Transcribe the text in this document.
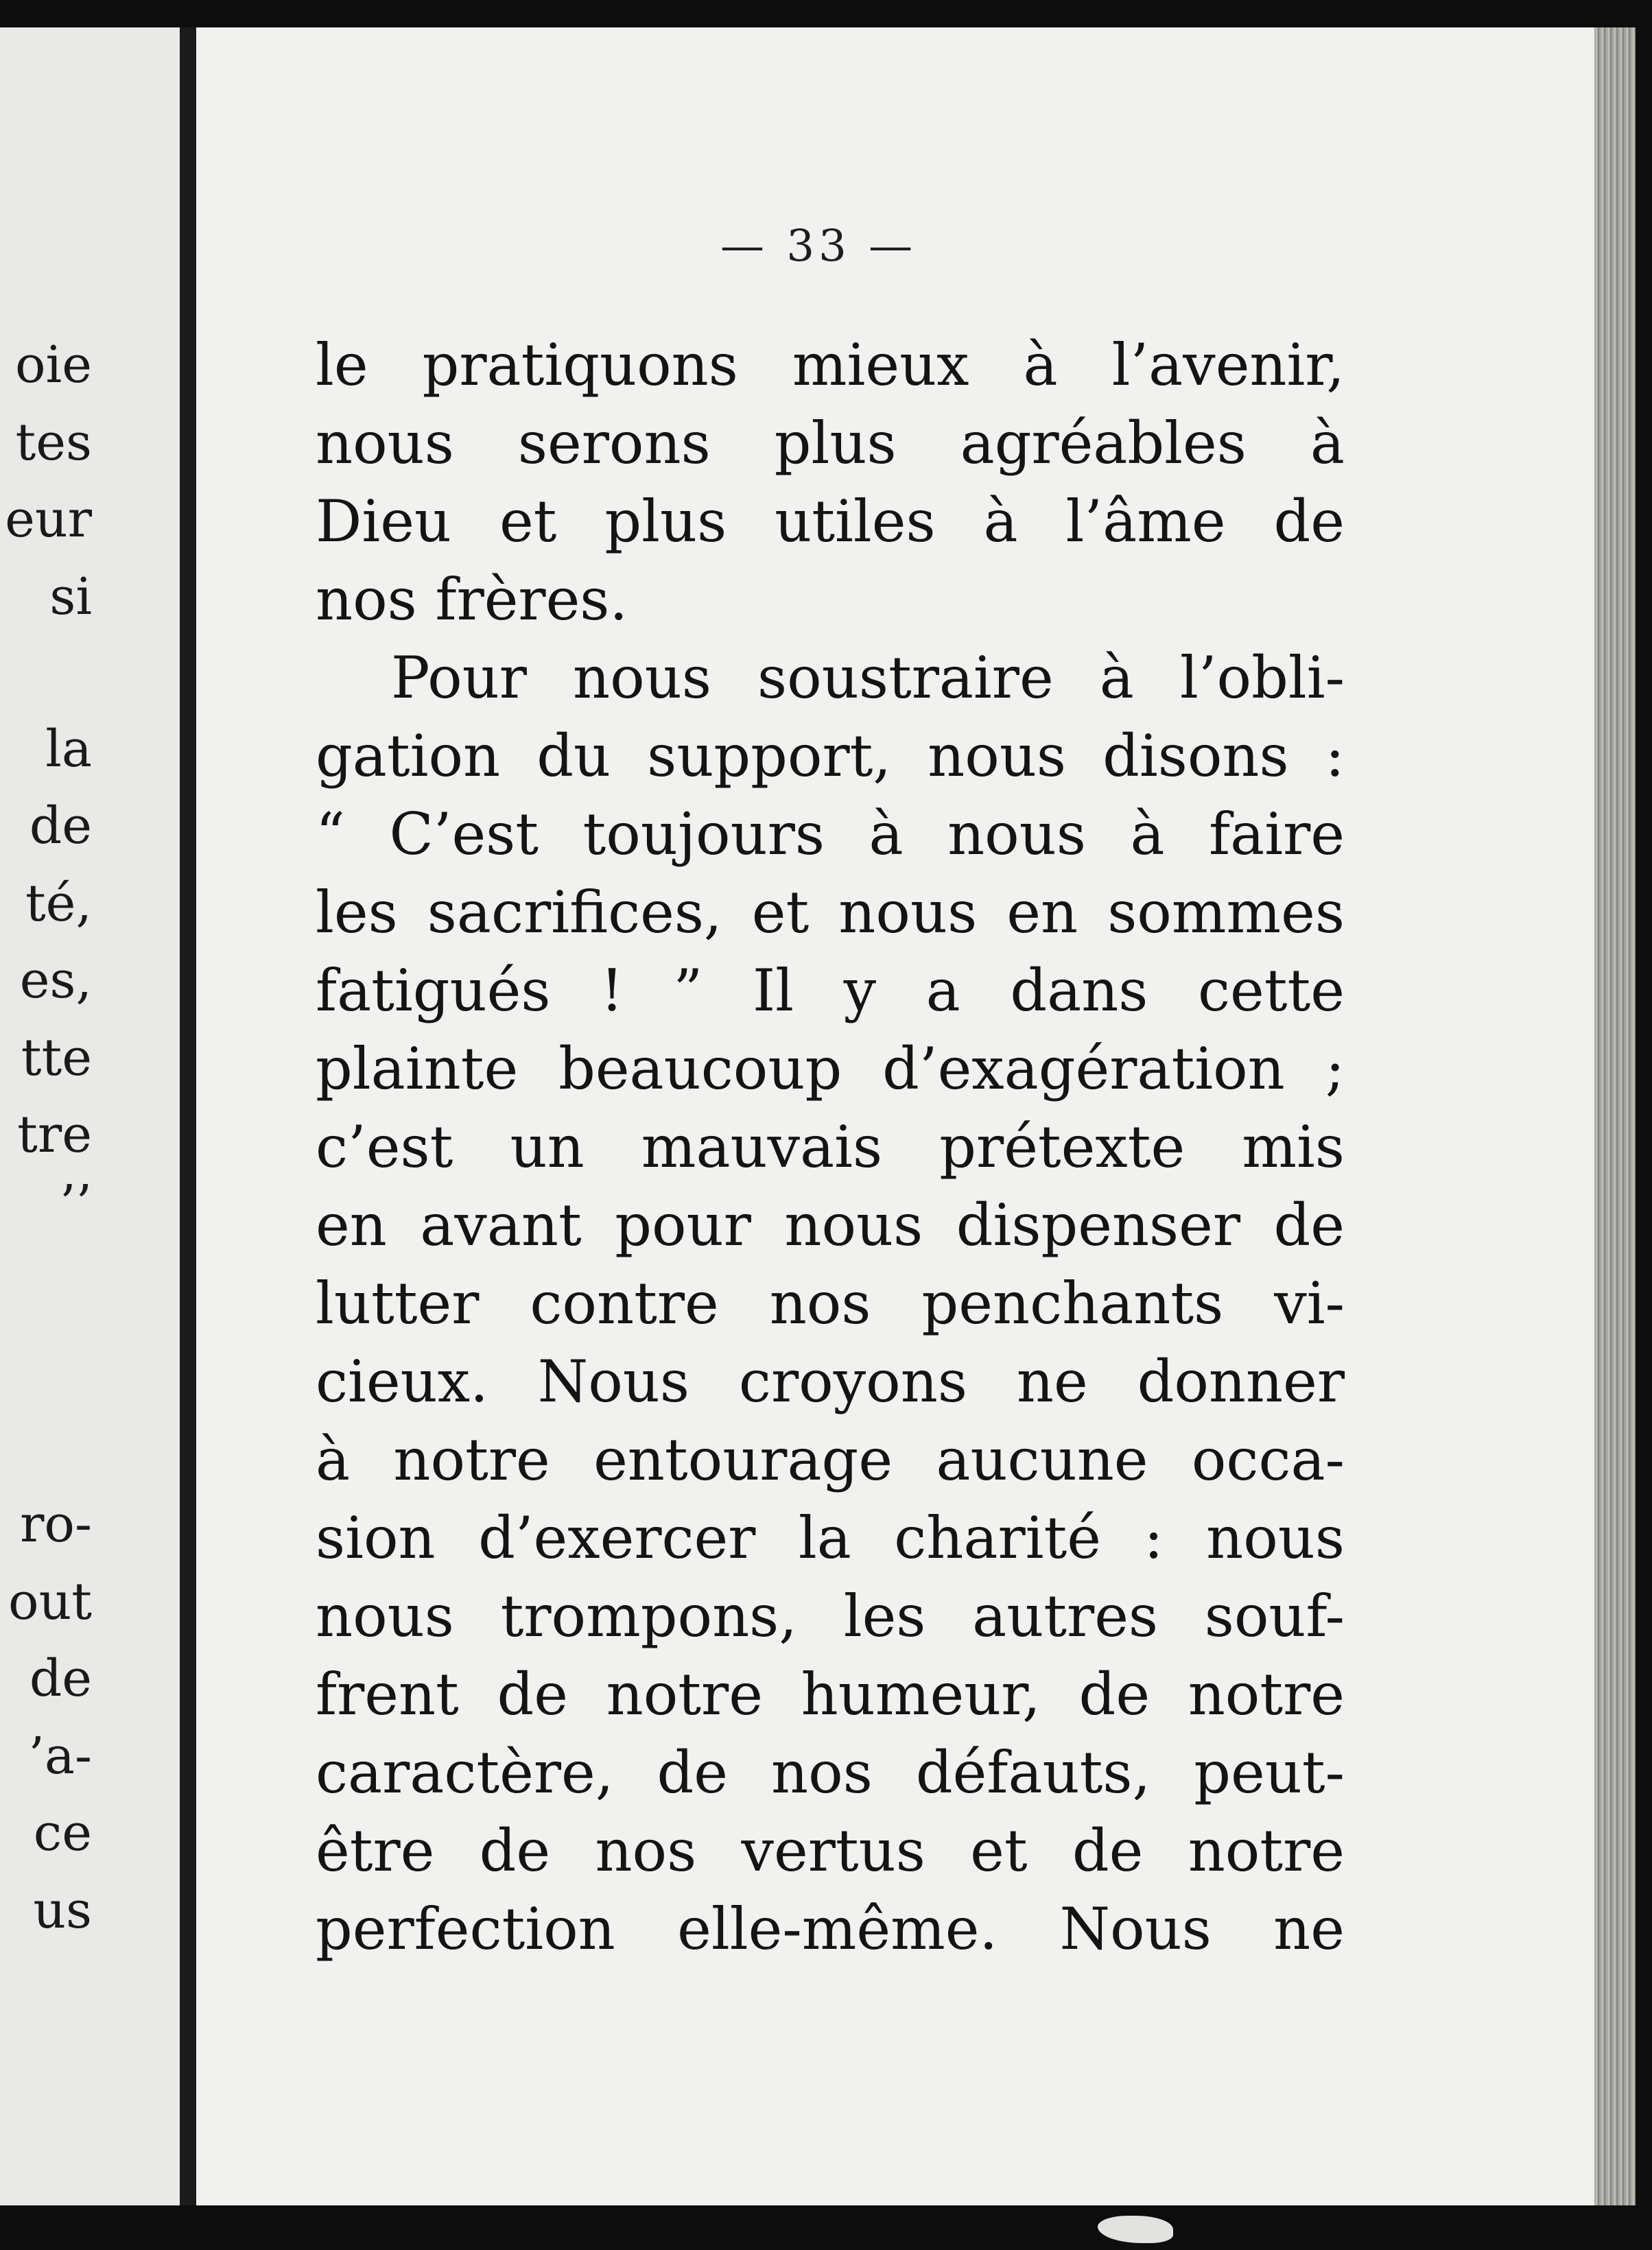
oie
tes
eur
si
la
de
té,
es,
tte
tre
’’
ro-
out
de
’a-
ce
us
— 33 —
le pratiquons mieux à l’avenir,
nous serons plus agréables à
Dieu et plus utiles à l’âme de
nos frères.
Pour nous soustraire à l’obli-
gation du support, nous disons :
“ C’est toujours à nous à faire
les sacrifices, et nous en sommes
fatigués ! ” Il y a dans cette
plainte beaucoup d’exagération ;
c’est un mauvais prétexte mis
en avant pour nous dispenser de
lutter contre nos penchants vi-
cieux. Nous croyons ne donner
à notre entourage aucune occa-
sion d’exercer la charité : nous
nous trompons, les autres souf-
frent de notre humeur, de notre
caractère, de nos défauts, peut-
être de nos vertus et de notre
perfection elle-même. Nous ne
